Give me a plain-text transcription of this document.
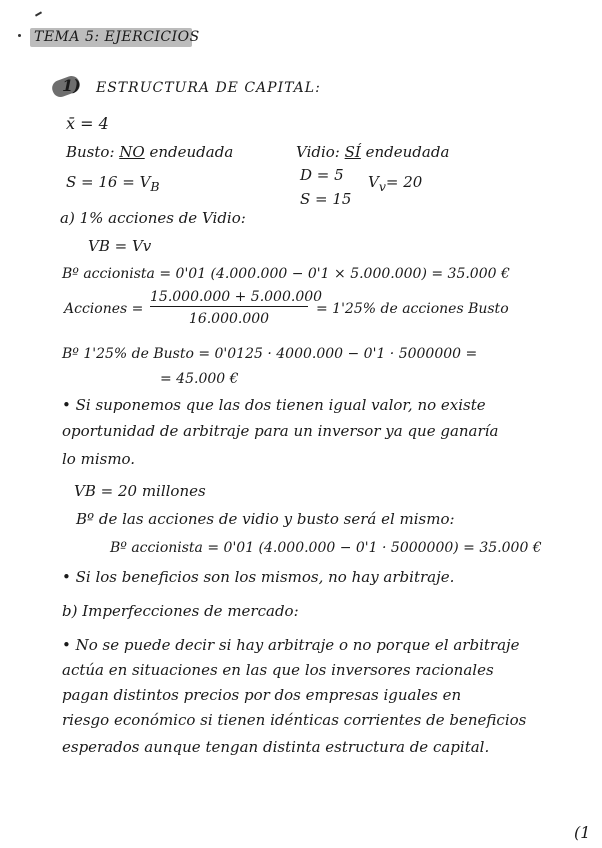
TEMA 5: EJERCICIOS
1) ESTRUCTURA DE CAPITAL:
x̄ = 4
Busto: NO endeudada	Vidio: SÍ endeudada
$S = 16 = V_B$
D = 5
S = 15
$V_v= 20$
a) 1% acciones de Vidio:
VB = Vv
Bº accionista = 0'01 (4.000.000 − 0'1 × 5.000.000) = 35.000 €
Acciones =
15.000.000 + 5.000.000
16.000.000
= 1'25% de acciones Busto
Bº 1'25% de Busto = 0'0125 · 4000.000 − 0'1 · 5000000 =
= 45.000 €
• Si suponemos que las dos tienen igual valor, no existe
oportunidad de arbitraje para un inversor ya que ganaría
lo mismo.
VB = 20 millones
Bº de las acciones de vidio y busto será el mismo:
Bº accionista = 0'01 (4.000.000 − 0'1 · 5000000) = 35.000 €
• Si los beneficios son los mismos, no hay arbitraje.
b) Imperfecciones de mercado:
• No se puede decir si hay arbitraje o no porque el arbitraje
actúa en situaciones en las que los inversores racionales
pagan distintos precios por dos empresas iguales en
riesgo económico si tienen idénticas corrientes de beneficios
esperados aunque tengan distinta estructura de capital.
(1
